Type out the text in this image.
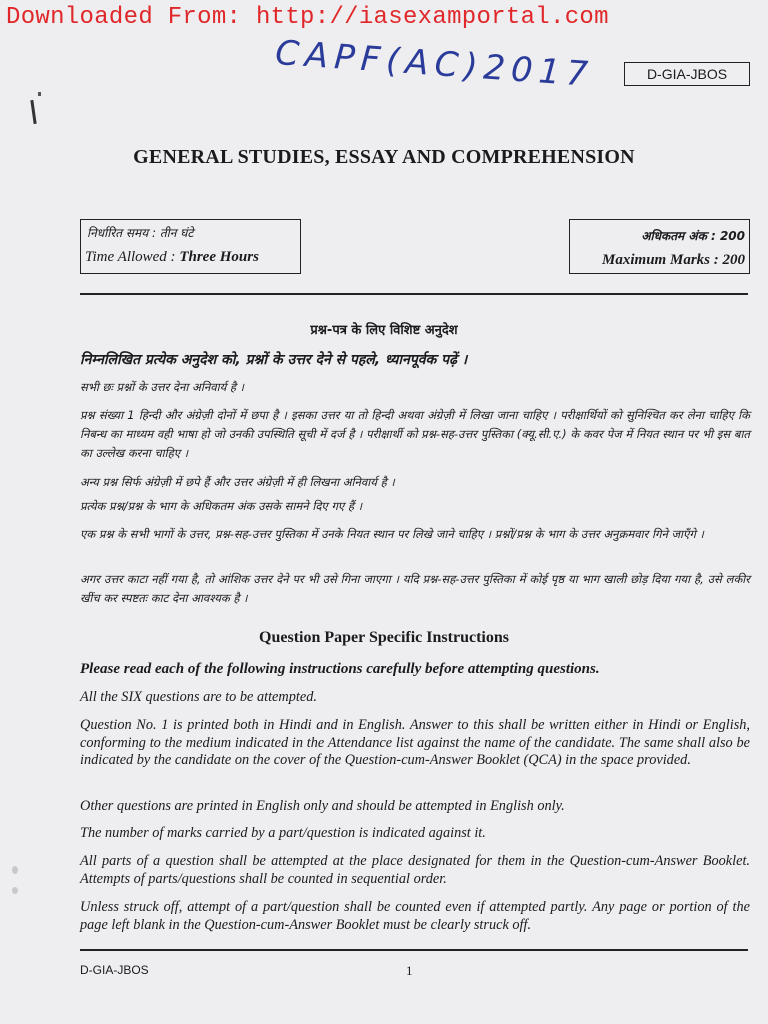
Downloaded From: http://iasexamportal.com
CAPF(AC)2017	D-GIA-JBOS
GENERAL STUDIES, ESSAY AND COMPREHENSION
निर्धारित समय : तीन घंटे
Time Allowed : Three Hours
अधिकतम अंक : 200
Maximum Marks : 200
प्रश्न-पत्र के लिए विशिष्ट अनुदेश
निम्नलिखित प्रत्येक अनुदेश को, प्रश्नों के उत्तर देने से पहले, ध्यानपूर्वक पढ़ें ।
सभी छः प्रश्नों के उत्तर देना अनिवार्य है ।
प्रश्न संख्या 1 हिन्दी और अंग्रेज़ी दोनों में छपा है । इसका उत्तर या तो हिन्दी अथवा अंग्रेज़ी में लिखा जाना चाहिए । परीक्षार्थियों को सुनिश्चित कर लेना चाहिए कि निबन्ध का माध्यम वही भाषा हो जो उनकी उपस्थिति सूची में दर्ज है । परीक्षार्थी को प्रश्न-सह-उत्तर पुस्तिका (क्यू.सी.ए.) के कवर पेज में नियत स्थान पर भी इस बात का उल्लेख करना चाहिए ।
अन्य प्रश्न सिर्फ अंग्रेज़ी में छपे हैं और उत्तर अंग्रेज़ी में ही लिखना अनिवार्य है ।
प्रत्येक प्रश्न/प्रश्न के भाग के अधिकतम अंक उसके सामने दिए गए हैं ।
एक प्रश्न के सभी भागों के उत्तर, प्रश्न-सह-उत्तर पुस्तिका में उनके नियत स्थान पर लिखे जाने चाहिए । प्रश्नों/प्रश्न के भाग के उत्तर अनुक्रमवार गिने जाएँगे ।
अगर उत्तर काटा नहीं गया है, तो आंशिक उत्तर देने पर भी उसे गिना जाएगा । यदि प्रश्न-सह-उत्तर पुस्तिका में कोई पृष्ठ या भाग खाली छोड़ दिया गया है, उसे लकीर खींच कर स्पष्टतः काट देना आवश्यक है ।
Question Paper Specific Instructions
Please read each of the following instructions carefully before attempting questions.
All the SIX questions are to be attempted.
Question No. 1 is printed both in Hindi and in English. Answer to this shall be written either in Hindi or English, conforming to the medium indicated in the Attendance list against the name of the candidate. The same shall also be indicated by the candidate on the cover of the Question-cum-Answer Booklet (QCA) in the space provided.
Other questions are printed in English only and should be attempted in English only.
The number of marks carried by a part/question is indicated against it.
All parts of a question shall be attempted at the place designated for them in the Question-cum-Answer Booklet. Attempts of parts/questions shall be counted in sequential order.
Unless struck off, attempt of a part/question shall be counted even if attempted partly. Any page or portion of the page left blank in the Question-cum-Answer Booklet must be clearly struck off.
D-GIA-JBOS	1
